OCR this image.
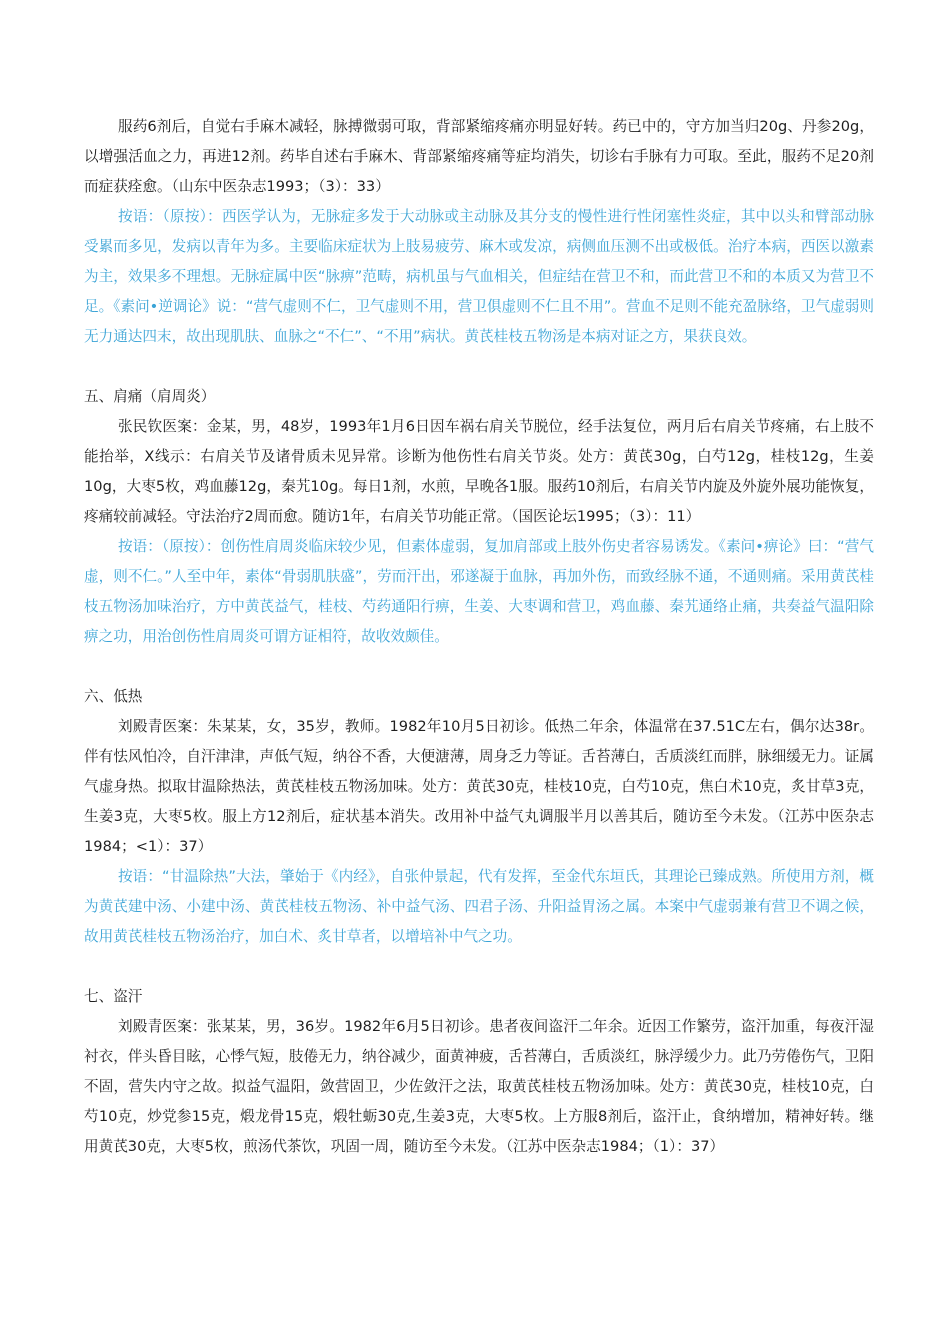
服药6剂后，自觉右手麻木减轻，脉搏微弱可取，背部紧缩疼痛亦明显好转。药已中的，守方加当归20g、丹参20g，以增强活血之力，再进12剂。药毕自述右手麻木、背部紧缩疼痛等症均消失，切诊右手脉有力可取。至此，服药不足20剂而症获痊愈。（山东中医杂志1993；（3）：33）

按语：（原按）：西医学认为，无脉症多发于大动脉或主动脉及其分支的慢性进行性闭塞性炎症，其中以头和臂部动脉受累而多见，发病以青年为多。主要临床症状为上肢易疲劳、麻木或发凉，病侧血压测不出或极低。治疗本病，西医以激素为主，效果多不理想。无脉症属中医“脉痹”范畴，病机虽与气血相关，但症结在营卫不和，而此营卫不和的本质又为营卫不足。《素问•逆调论》说：“营气虚则不仁，卫气虚则不用，营卫俱虚则不仁且不用”。营血不足则不能充盈脉络，卫气虚弱则无力通达四末，故出现肌肤、血脉之“不仁”、“不用”病状。黄芪桂枝五物汤是本病对证之方，果获良效。

五、肩痛（肩周炎）

张民钦医案：金某，男，48岁，1993年1月6日因车祸右肩关节脱位，经手法复位，两月后右肩关节疼痛，右上肢不能抬举，X线示：右肩关节及诸骨质未见异常。诊断为他伤性右肩关节炎。处方：黄芪30g，白芍12g，桂枝12g，生姜10g，大枣5枚，鸡血藤12g，秦艽10g。每日1剂，水煎，早晚各1服。服药10剂后，右肩关节内旋及外旋外展功能恢复，疼痛较前减轻。守法治疗2周而愈。随访1年，右肩关节功能正常。（国医论坛1995；（3）：11）

按语：（原按）：创伤性肩周炎临床较少见，但素体虚弱，复加肩部或上肢外伤史者容易诱发。《素问•痹论》曰：“营气虚，则不仁。”人至中年，素体“骨弱肌肤盛”，劳而汗出，邪遂凝于血脉，再加外伤，而致经脉不通，不通则痛。采用黄芪桂枝五物汤加味治疗，方中黄芪益气，桂枝、芍药通阳行痹，生姜、大枣调和营卫，鸡血藤、秦艽通络止痛，共奏益气温阳除痹之功，用治创伤性肩周炎可谓方证相符，故收效颇佳。

六、低热

刘殿青医案：朱某某，女，35岁，教师。1982年10月5日初诊。低热二年余，体温常在37.51C左右，偶尔达38r。伴有怯风怕冷，自汗津津，声低气短，纳谷不香，大便溏薄，周身乏力等证。舌苔薄白，舌质淡红而胖，脉细缓无力。证属气虚身热。拟取甘温除热法，黄芪桂枝五物汤加味。处方：黄芪30克，桂枝10克，白芍10克，焦白术10克，炙甘草3克，生姜3克，大枣5枚。服上方12剂后，症状基本消失。改用补中益气丸调服半月以善其后，随访至今未发。（江苏中医杂志1984；<1）：37）

按语：“甘温除热”大法，肇始于《内经》，自张仲景起，代有发挥，至金代东垣氏，其理论已臻成熟。所使用方剂，概为黄芪建中汤、小建中汤、黄芪桂枝五物汤、补中益气汤、四君子汤、升阳益胃汤之属。本案中气虚弱兼有营卫不调之候，故用黄芪桂枝五物汤治疗，加白术、炙甘草者，以增培补中气之功。

七、盗汗

刘殿青医案：张某某，男，36岁。1982年6月5日初诊。患者夜间盗汗二年余。近因工作繁劳，盗汗加重，每夜汗湿衬衣，伴头昏目眩，心悸气短，肢倦无力，纳谷减少，面黄神疲，舌苔薄白，舌质淡红，脉浮缓少力。此乃劳倦伤气，卫阳不固，营失内守之故。拟益气温阳，敛营固卫，少佐敛汗之法，取黄芪桂枝五物汤加味。处方：黄芪30克，桂枝10克，白芍10克，炒党参15克，煅龙骨15克，煅牡蛎30克,生姜3克，大枣5枚。上方服8剂后，盗汗止，食纳增加，精神好转。继用黄芪30克，大枣5枚，煎汤代茶饮，巩固一周，随访至今未发。（江苏中医杂志1984；（1）：37）
